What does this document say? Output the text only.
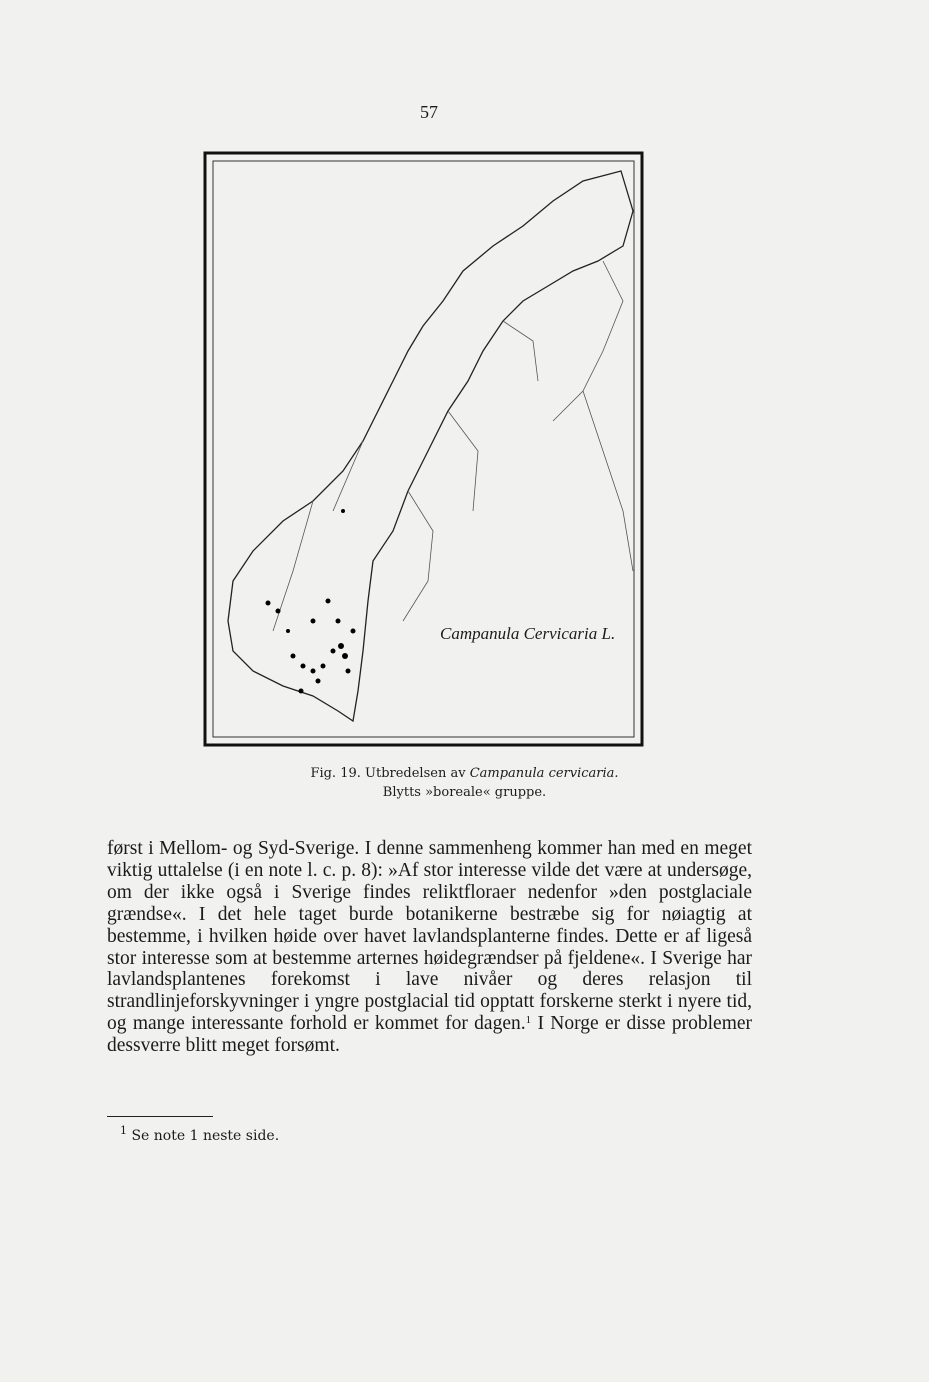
57
Campanula Cervicaria L.
Fig. 19. Utbredelsen av Campanula cervicaria.
Blytts »boreale« gruppe.

først i Mellom- og Syd-Sverige. I denne sammenheng kommer han med en meget viktig uttalelse (i en note l. c. p. 8): »Af stor interesse vilde det være at undersøge, om der ikke også i Sverige findes reliktfloraer nedenfor »den postglaciale grændse«. I det hele taget burde botanikerne bestræbe sig for nøiagtig at bestemme, i hvilken høide over havet lavlandsplanterne findes. Dette er af ligeså stor interesse som at bestemme arternes høidegrændser på fjeldene«. I Sverige har lavlandsplantenes forekomst i lave nivåer og deres relasjon til strandlinjeforskyvninger i yngre postglacial tid opptatt forskerne sterkt i nyere tid, og mange interessante forhold er kommet for dagen.$^1$ I Norge er disse problemer dessverre blitt meget forsømt.

$^1$ Se note 1 neste side.
